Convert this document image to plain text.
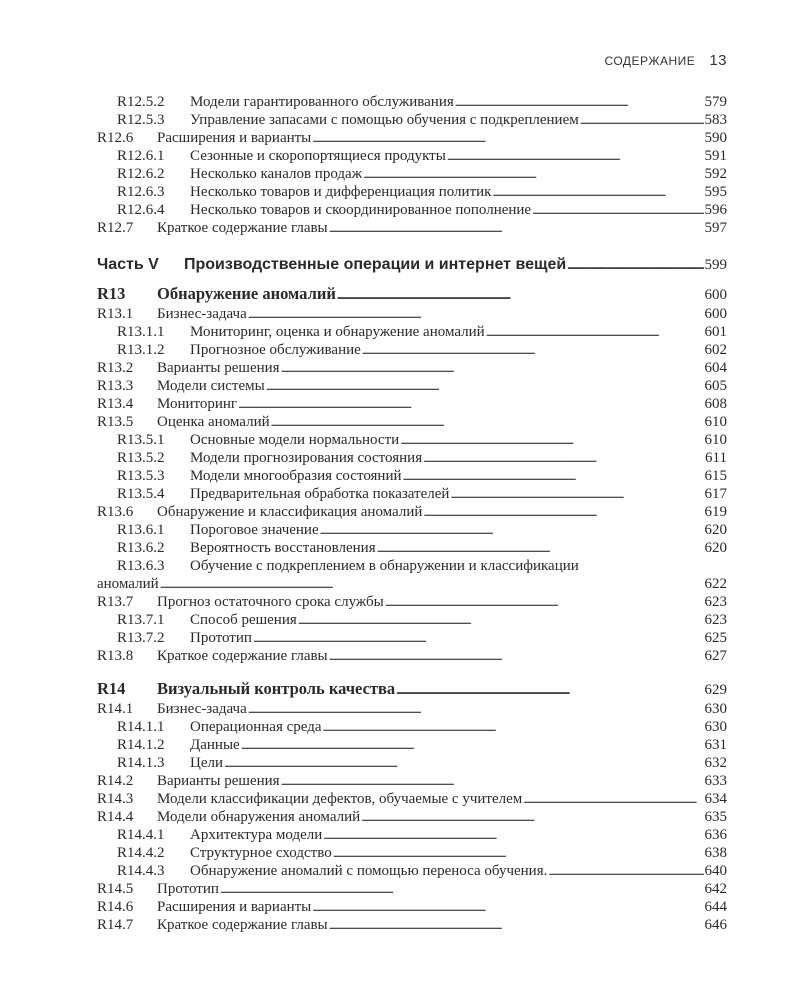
СОДЕРЖАНИЕ 13
R12.5.2	Модели гарантированного обслуживания . . .	579
R12.5.3	Управление запасами с помощью обучения с подкреплением . . .	583
R12.6	Расширения и варианты . . .	590
R12.6.1	Сезонные и скоропортящиеся продукты . . .	591
R12.6.2	Несколько каналов продаж . . .	592
R12.6.3	Несколько товаров и дифференциация политик . . .	595
R12.6.4	Несколько товаров и скоординированное пополнение . . .	596
R12.7	Краткое содержание главы . . .	597
Часть V	Производственные операции и интернет вещей . . .	599
R13	Обнаружение аномалий . . .	600
R13.1	Бизнес-задача . . .	600
R13.1.1	Мониторинг, оценка и обнаружение аномалий . . .	601
R13.1.2	Прогнозное обслуживание . . .	602
R13.2	Варианты решения . . .	604
R13.3	Модели системы . . .	605
R13.4	Мониторинг . . .	608
R13.5	Оценка аномалий . . .	610
R13.5.1	Основные модели нормальности . . .	610
R13.5.2	Модели прогнозирования состояния . . .	611
R13.5.3	Модели многообразия состояний . . .	615
R13.5.4	Предварительная обработка показателей . . .	617
R13.6	Обнаружение и классификация аномалий . . .	619
R13.6.1	Пороговое значение . . .	620
R13.6.2	Вероятность восстановления . . .	620
R13.6.3	Обучение с подкреплением в обнаружении и классификации
аномалий . . .	622
R13.7	Прогноз остаточного срока службы . . .	623
R13.7.1	Способ решения . . .	623
R13.7.2	Прототип . . .	625
R13.8	Краткое содержание главы . . .	627
R14	Визуальный контроль качества . . .	629
R14.1	Бизнес-задача . . .	630
R14.1.1	Операционная среда . . .	630
R14.1.2	Данные . . .	631
R14.1.3	Цели . . .	632
R14.2	Варианты решения . . .	633
R14.3	Модели классификации дефектов, обучаемые с учителем . . .	634
R14.4	Модели обнаружения аномалий . . .	635
R14.4.1	Архитектура модели . . .	636
R14.4.2	Структурное сходство . . .	638
R14.4.3	Обнаружение аномалий с помощью переноса обучения. . . .	640
R14.5	Прототип . . .	642
R14.6	Расширения и варианты . . .	644
R14.7	Краткое содержание главы . . .	646
